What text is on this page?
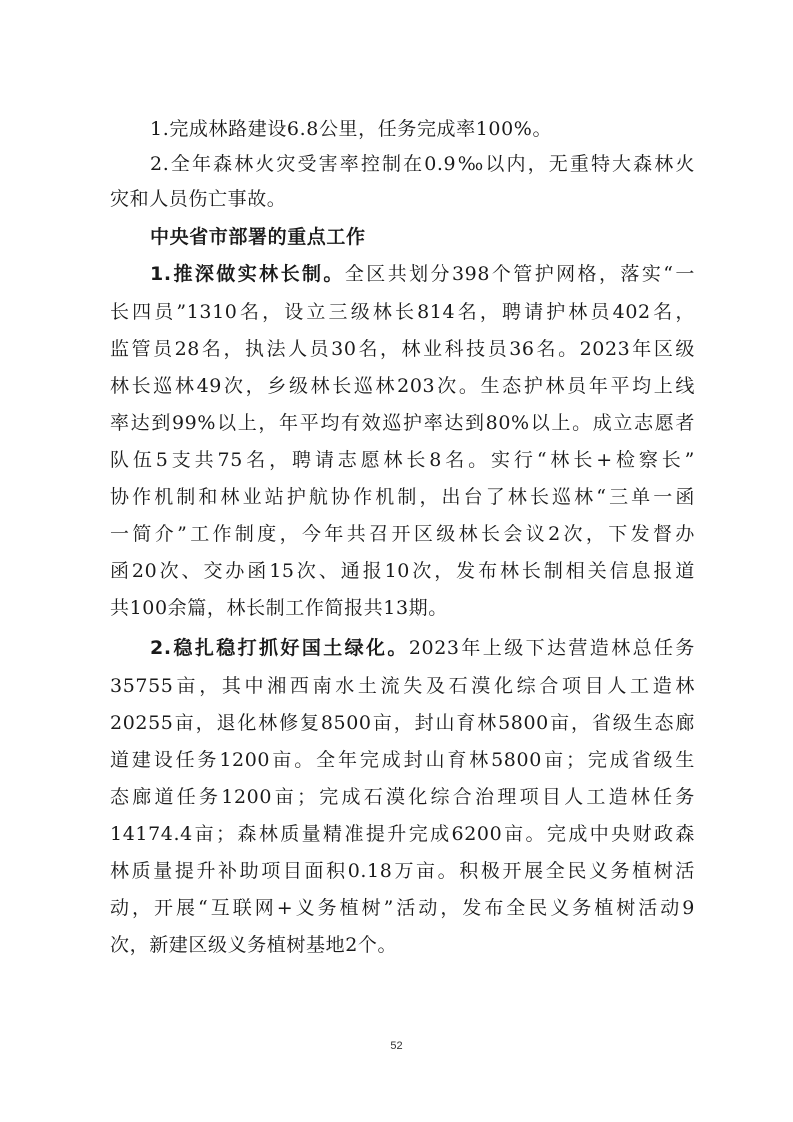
1.完成林路建设6.8公里，任务完成率100%。
2.全年森林火灾受害率控制在0.9‰以内，无重特大森林火
灾和人员伤亡事故。
中央省市部署的重点工作
1.推深做实林长制。全区共划分398个管护网格，落实“一
长四员”1310名，设立三级林长814名，聘请护林员402名，
监管员28名，执法人员30名，林业科技员36名。2023年区级
林长巡林49次，乡级林长巡林203次。生态护林员年平均上线
率达到99%以上，年平均有效巡护率达到80%以上。成立志愿者
队伍5支共75名，聘请志愿林长8名。实行“林长+检察长”
协作机制和林业站护航协作机制，出台了林长巡林“三单一函
一简介”工作制度，今年共召开区级林长会议2次，下发督办
函20次、交办函15次、通报10次，发布林长制相关信息报道
共100余篇，林长制工作简报共13期。
2.稳扎稳打抓好国土绿化。2023年上级下达营造林总任务
35755亩，其中湘西南水土流失及石漠化综合项目人工造林
20255亩，退化林修复8500亩，封山育林5800亩，省级生态廊
道建设任务1200亩。全年完成封山育林5800亩；完成省级生
态廊道任务1200亩；完成石漠化综合治理项目人工造林任务
14174.4亩；森林质量精准提升完成6200亩。完成中央财政森
林质量提升补助项目面积0.18万亩。积极开展全民义务植树活
动，开展“互联网+义务植树”活动，发布全民义务植树活动9
次，新建区级义务植树基地2个。
52
